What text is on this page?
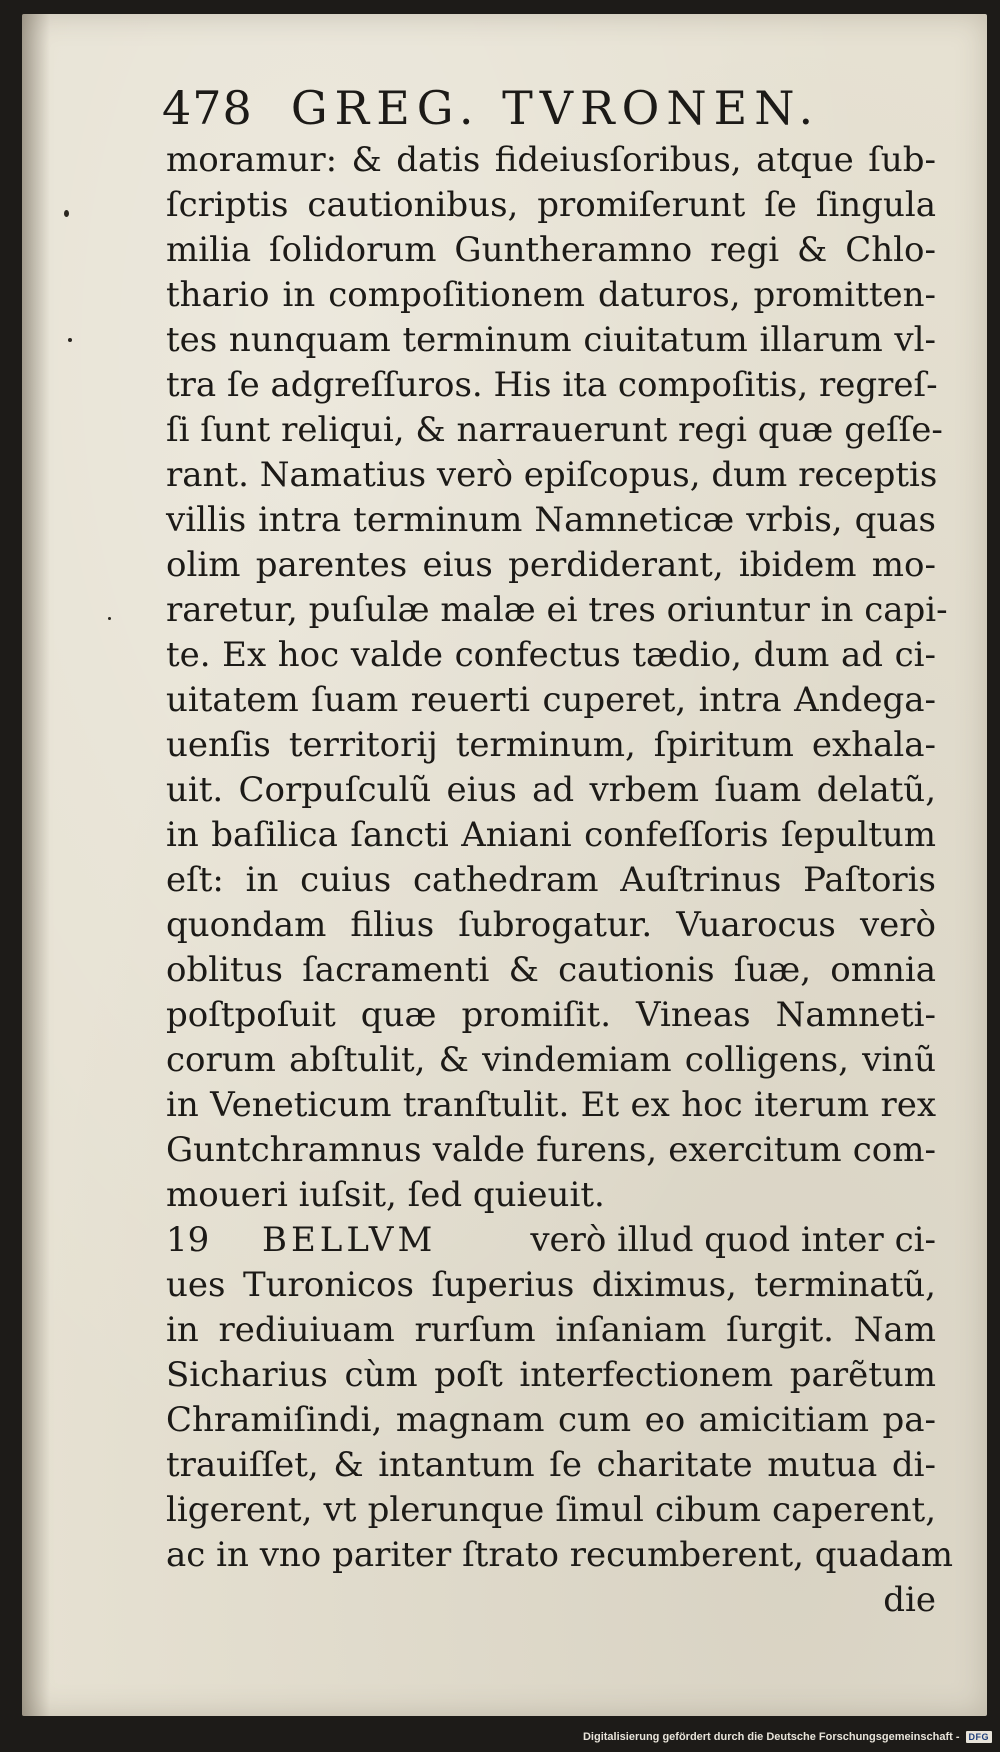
478 GREG. TVRONEN.
moramur: & datis fideiusſoribus, atque ſub-
ſcriptis cautionibus, promiſerunt ſe ſingula
milia ſolidorum Guntheramno regi & Chlo-
thario in compoſitionem daturos, promitten-
tes nunquam terminum ciuitatum illarum vl-
tra ſe adgreſſuros. His ita compoſitis, regreſ-
ſi ſunt reliqui, & narrauerunt regi quæ geſſe-
rant. Namatius verò epiſcopus, dum receptis
villis intra terminum Namneticæ vrbis, quas
olim parentes eius perdiderant, ibidem mo-
raretur, puſulæ malæ ei tres oriuntur in capi-
te. Ex hoc valde confectus tædio, dum ad ci-
uitatem ſuam reuerti cuperet, intra Andega-
uenſis territorij terminum, ſpiritum exhala-
uit. Corpuſculũ eius ad vrbem ſuam delatũ,
in baſilica ſancti Aniani confeſſoris ſepultum
eſt: in cuius cathedram Auſtrinus Paſtoris
quondam filius ſubrogatur. Vuarocus verò
oblitus ſacramenti & cautionis ſuæ, omnia
poſtpoſuit quæ promiſit. Vineas Namneti-
corum abſtulit, & vindemiam colligens, vinũ
in Veneticum tranſtulit. Et ex hoc iterum rex
Guntchramnus valde furens, exercitum com-
moueri iuſsit, ſed quieuit.
19 BELLVM	verò illud quod inter ci-
ues Turonicos ſuperius diximus, terminatũ,
in rediuiuam rurſum inſaniam ſurgit. Nam
Sicharius cùm poſt interfectionem parẽtum
Chramiſindi, magnam cum eo amicitiam pa-
trauiſſet, & intantum ſe charitate mutua di-
ligerent, vt plerunque ſimul cibum caperent,
ac in vno pariter ſtrato recumberent, quadam
die
Digitalisierung gefördert durch die Deutsche Forschungsgemeinschaft -	DFG
